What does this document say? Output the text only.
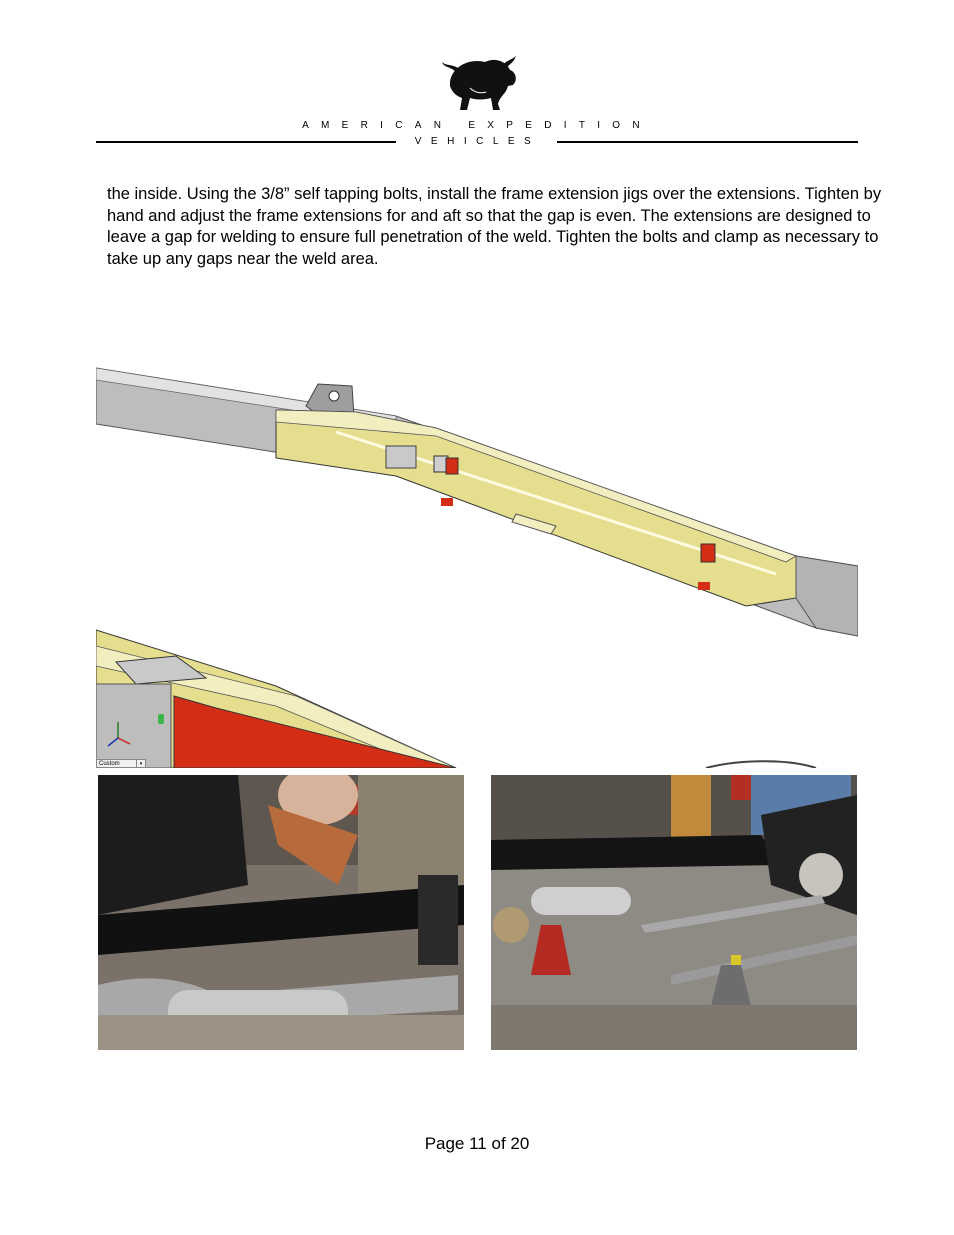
AMERICAN EXPEDITION
VEHICLES

the inside. Using the 3/8” self tapping bolts, install the frame extension jigs over the extensions. Tighten by hand and adjust the frame extensions for and aft so that the gap is even. The extensions are designed to leave a gap for welding to ensure full penetration of the weld. Tighten the bolts and clamp as necessary to take up any gaps near the weld area.

Custom	▾
Page 11 of 20
